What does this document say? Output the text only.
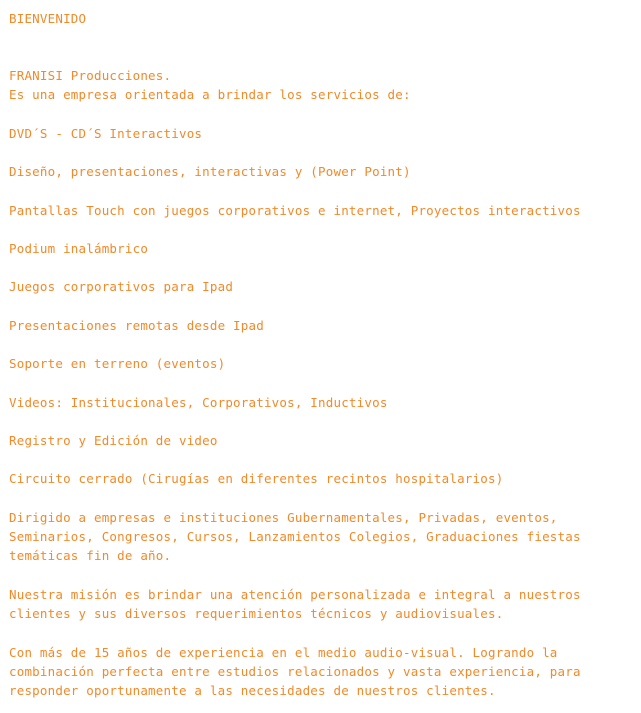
BIENVENIDO
FRANISI Producciones.
Es una empresa orientada a brindar los servicios de:
DVD´S - CD´S Interactivos
Diseño, presentaciones, interactivas y (Power Point)
Pantallas Touch con juegos corporativos e internet, Proyectos interactivos
Podium inalámbrico
Juegos corporativos para Ipad
Presentaciones remotas desde Ipad
Soporte en terreno (eventos)
Videos: Institucionales, Corporativos, Inductivos
Registro y Edición de video
Circuito cerrado (Cirugías en diferentes recintos hospitalarios)
Dirigido a empresas e instituciones Gubernamentales, Privadas, eventos,
Seminarios, Congresos, Cursos, Lanzamientos Colegios, Graduaciones fiestas
temáticas fin de año.
Nuestra misión es brindar una atención personalizada e integral a nuestros
clientes y sus diversos requerimientos técnicos y audiovisuales.
Con más de 15 años de experiencia en el medio audio-visual. Logrando la
combinación perfecta entre estudios relacionados y vasta experiencia, para
responder oportunamente a las necesidades de nuestros clientes.
